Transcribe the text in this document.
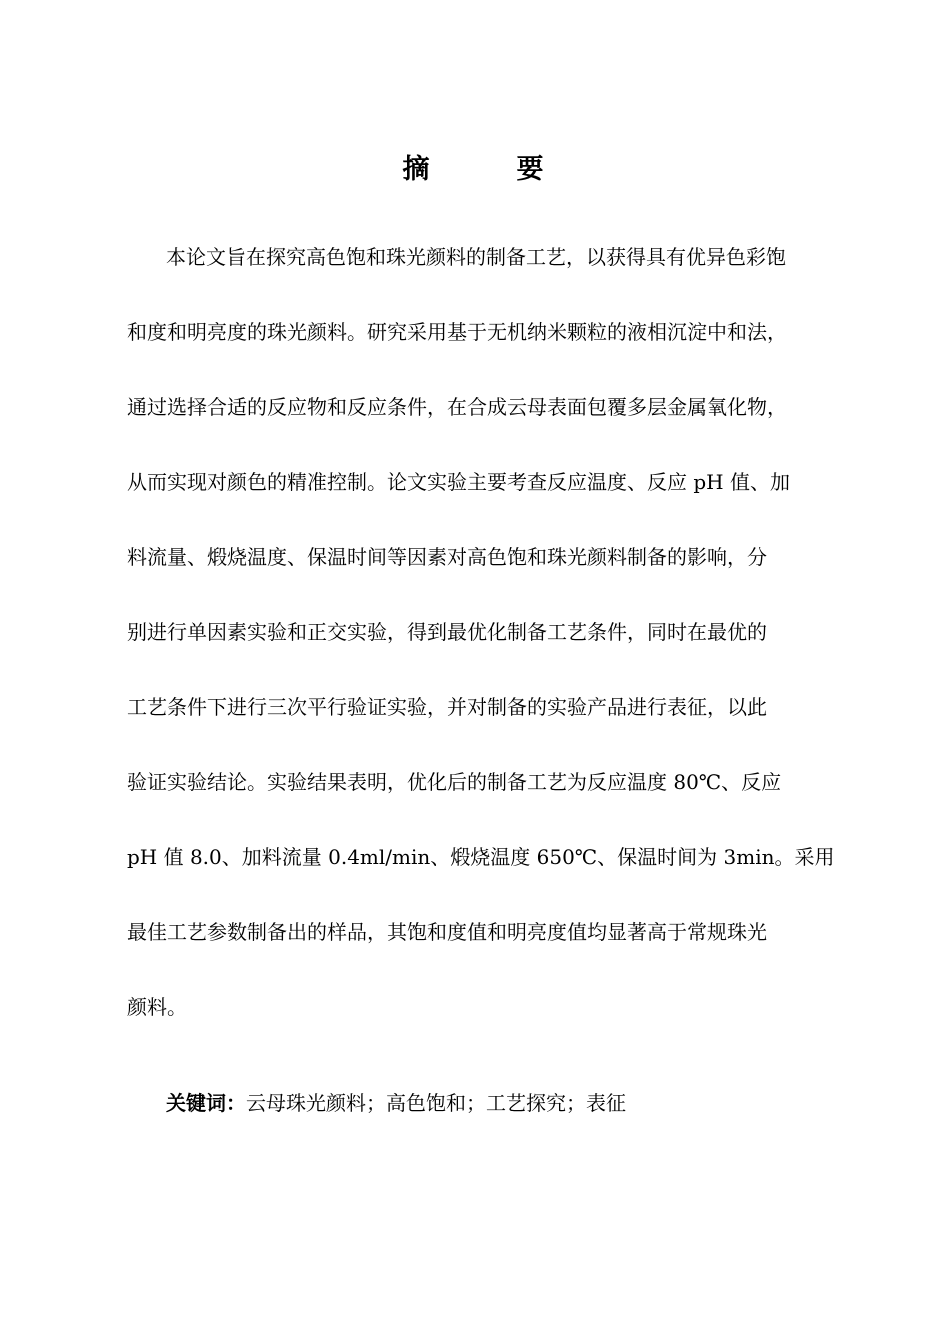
摘　要
本论文旨在探究高色饱和珠光颜料的制备工艺，以获得具有优异色彩饱
和度和明亮度的珠光颜料。研究采用基于无机纳米颗粒的液相沉淀中和法，
通过选择合适的反应物和反应条件，在合成云母表面包覆多层金属氧化物，
从而实现对颜色的精准控制。论文实验主要考查反应温度、反应 pH 值、加
料流量、煅烧温度、保温时间等因素对高色饱和珠光颜料制备的影响，分
别进行单因素实验和正交实验，得到最优化制备工艺条件，同时在最优的
工艺条件下进行三次平行验证实验，并对制备的实验产品进行表征，以此
验证实验结论。实验结果表明，优化后的制备工艺为反应温度 80℃、反应
pH 值 8.0、加料流量 0.4ml/min、煅烧温度 650℃、保温时间为 3min。采用
最佳工艺参数制备出的样品，其饱和度值和明亮度值均显著高于常规珠光
颜料。
关键词：云母珠光颜料；高色饱和；工艺探究；表征
